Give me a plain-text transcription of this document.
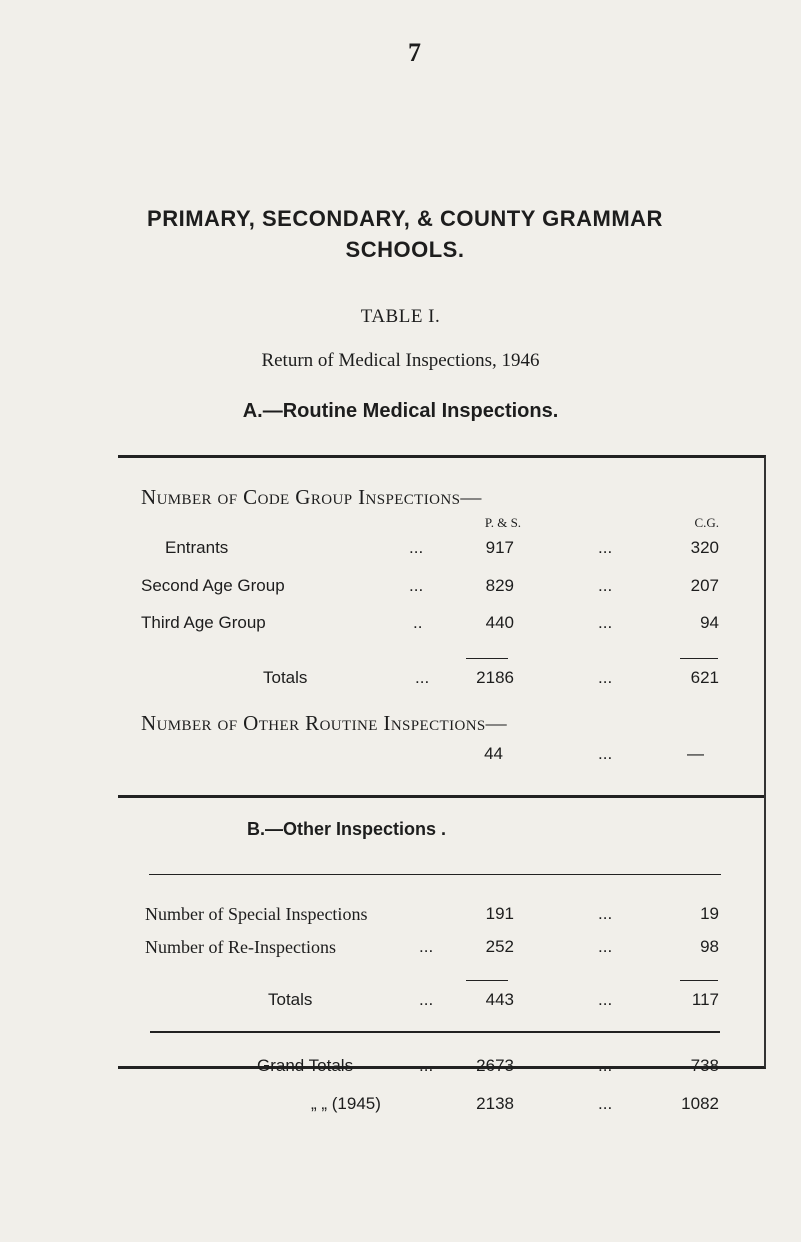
7
PRIMARY, SECONDARY, & COUNTY GRAMMAR
SCHOOLS.
TABLE I.
Return of Medical Inspections, 1946
A.—Routine Medical Inspections.
Number of Code Group Inspections—
P. & S.	C.G.
Entrants	...	917	...	320
Second Age Group	...	829	...	207
Third Age Group	..	440	...	94
Totals	...	2186	...	621
Number of Other Routine Inspections—
44	...	—
B.—Other Inspections .
Number of Special Inspections	191	...	19
Number of Re-Inspections	...	252	...	98
Totals	...	443	...	117
Grand Totals	...	2673	...	738
„ „ (1945)	2138	...	1082
